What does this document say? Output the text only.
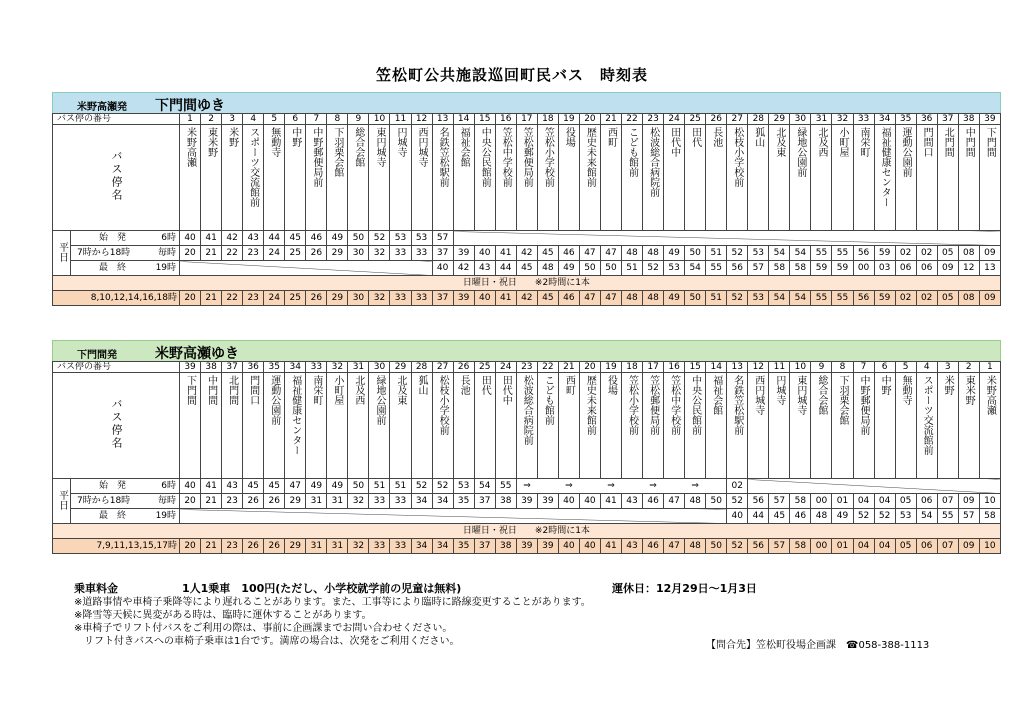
笠松町公共施設巡回町民バス　時刻表
米野高瀬発 下門間ゆき
バス停の番号		1	2	3	4	5	6	7	8	9	10	11	12	13	14	15	16	17	18	19	20	21	22	23	24	25	26	27	28	29	30	31	32	33	34	35	36	37	38	39
バス停名		米野高瀬	東米野	米野	スポーツ交流館前	無動寺	中野	中野郵便局前	下羽栗会館	総合会館	東円城寺	円城寺	西円城寺	名鉄笠松駅前	福祉会館	中央公民館前	笠松中学校前	笠松郵便局前	笠松小学校前	役場	歴史未来館前	西町	こども館前	松波総合病院前	田代中	田代	長池	松枝小学校前	狐山	北及東	緑地公園前	北及西	小町屋	南栄町	福祉健康センター	運動公園前	門間口	北門間	中門間	下門間
平日	始　発 6時	40	41	42	43	44	45	46	49	50	52	53	53	57																										

	7時から18時 毎時	20	21	22	23	24	25	26	29	30	32	33	33	37	39	40	41	42	45	46	47	47	48	48	49	50	51	52	53	54	54	55	55	56	59	02	02	05	08	09

	最　終 19時													40	42	43	44	45	48	49	50	50	51	52	53	54	55	56	57	58	58	59	59	00	03	06	06	09	12	13
日曜日・祝日　　※2時間に1本																																								
8,10,12,14,16,18時		20	21	22	23	24	25	26	29	30	32	33	33	37	39	40	41	42	45	46	47	47	48	48	49	50	51	52	53	54	54	55	55	56	59	02	02	05	08	09
下門間発	米野高瀬ゆき
バス停の番号		39	38	37	36	35	34	33	32	31	30	29	28	27	26	25	24	23	22	21	20	19	18	17	16	15	14	13	12	11	10	9	8	7	6	5	4	3	2	1
バス停名		下門間	中門間	北門間	門間口	運動公園前	福祉健康センター	南栄町	小町屋	北及西	緑地公園前	北及東	狐山	松枝小学校前	長池	田代	田代中	松波総合病院前	こども館前	西町	歴史未来館前	役場	笠松小学校前	笠松郵便局前	笠松中学校前	中央公民館前	福祉会館	名鉄笠松駅前	西円城寺	円城寺	東円城寺	総合会館	下羽栗会館	中野郵便局前	中野	無動寺	スポーツ交流館前	米野	東米野	米野高瀬
平日	始　発 6時	40	41	43	45	45	47	49	49	50	51	51	52	52	53	54	55	⇒		⇒		⇒		⇒		⇒		02												

	7時から18時 毎時	20	21	23	26	26	29	31	31	32	33	33	34	34	35	37	38	39	39	40	40	41	43	46	47	48	50	52	56	57	58	00	01	04	04	05	06	07	09	10

	最　終 19時																											40	44	45	46	48	49	52	52	53	54	55	57	58
日曜日・祝日　　※2時間に1本																																								
7,9,11,13,15,17時		20	21	23	26	26	29	31	31	32	33	33	34	34	35	37	38	39	39	40	40	41	43	46	47	48	50	52	56	57	58	00	01	04	04	05	06	07	09	10
乗車料金	1人1乗車　100円(ただし、小学校就学前の児童は無料)	運休日：12月29日～1月3日
※道路事情や車椅子乗降等により遅れることがあります。また、工事等により臨時に路線変更することがあります。
※降雪等天候に異変がある時は、臨時に運休することがあります。
※車椅子でリフト付バスをご利用の際は、事前に企画課までお問い合わせください。
　リフト付きバスへの車椅子乗車は1台です。満席の場合は、次発をご利用ください。	【問合先】笠松町役場企画課　☎058-388-1113
